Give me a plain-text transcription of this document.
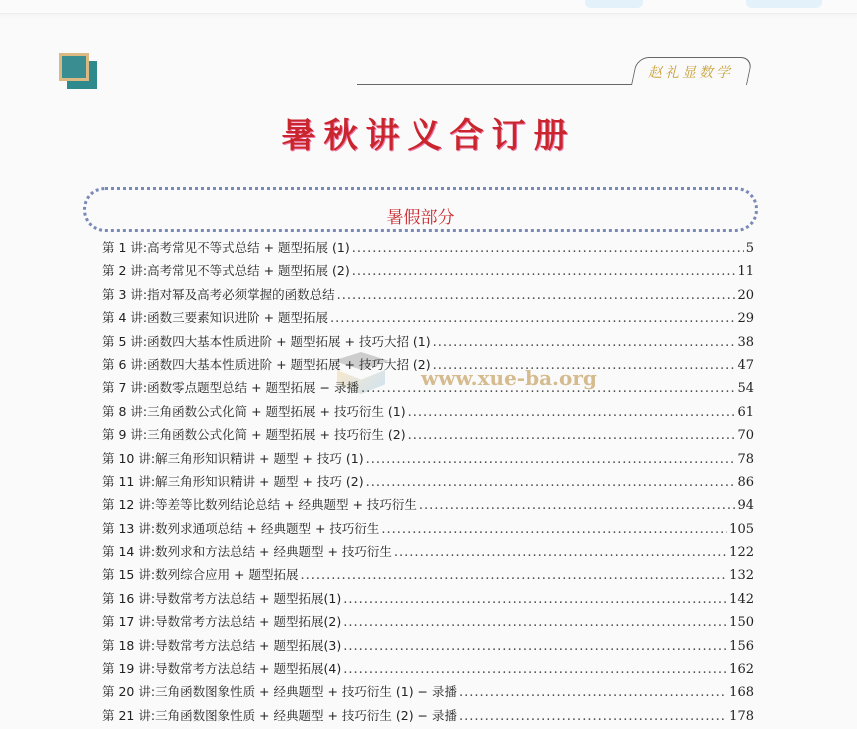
赵礼显数学
暑秋讲义合订册
暑假部分
www.xue-ba.org
第 1 讲:高考常见不等式总结 + 题型拓展 (1) .....	5
第 2 讲:高考常见不等式总结 + 题型拓展 (2) .....	11
第 3 讲:指对幂及高考必须掌握的函数总结 .....	20
第 4 讲:函数三要素知识进阶 + 题型拓展 .....	29
第 5 讲:函数四大基本性质进阶 + 题型拓展 + 技巧大招 (1) .....	38
第 6 讲:函数四大基本性质进阶 + 题型拓展 + 技巧大招 (2) .....	47
第 7 讲:函数零点题型总结 + 题型拓展 − 录播 .....	54
第 8 讲:三角函数公式化简 + 题型拓展 + 技巧衍生 (1) .....	61
第 9 讲:三角函数公式化简 + 题型拓展 + 技巧衍生 (2) .....	70
第 10 讲:解三角形知识精讲 + 题型 + 技巧 (1) .....	78
第 11 讲:解三角形知识精讲 + 题型 + 技巧 (2) .....	86
第 12 讲:等差等比数列结论总结 + 经典题型 + 技巧衍生 .....	94
第 13 讲:数列求通项总结 + 经典题型 + 技巧衍生 .....	105
第 14 讲:数列求和方法总结 + 经典题型 + 技巧衍生 .....	122
第 15 讲:数列综合应用 + 题型拓展 .....	132
第 16 讲:导数常考方法总结 + 题型拓展(1) .....	142
第 17 讲:导数常考方法总结 + 题型拓展(2) .....	150
第 18 讲:导数常考方法总结 + 题型拓展(3) .....	156
第 19 讲:导数常考方法总结 + 题型拓展(4) .....	162
第 20 讲:三角函数图象性质 + 经典题型 + 技巧衍生 (1) − 录播 .....	168
第 21 讲:三角函数图象性质 + 经典题型 + 技巧衍生 (2) − 录播 .....	178
